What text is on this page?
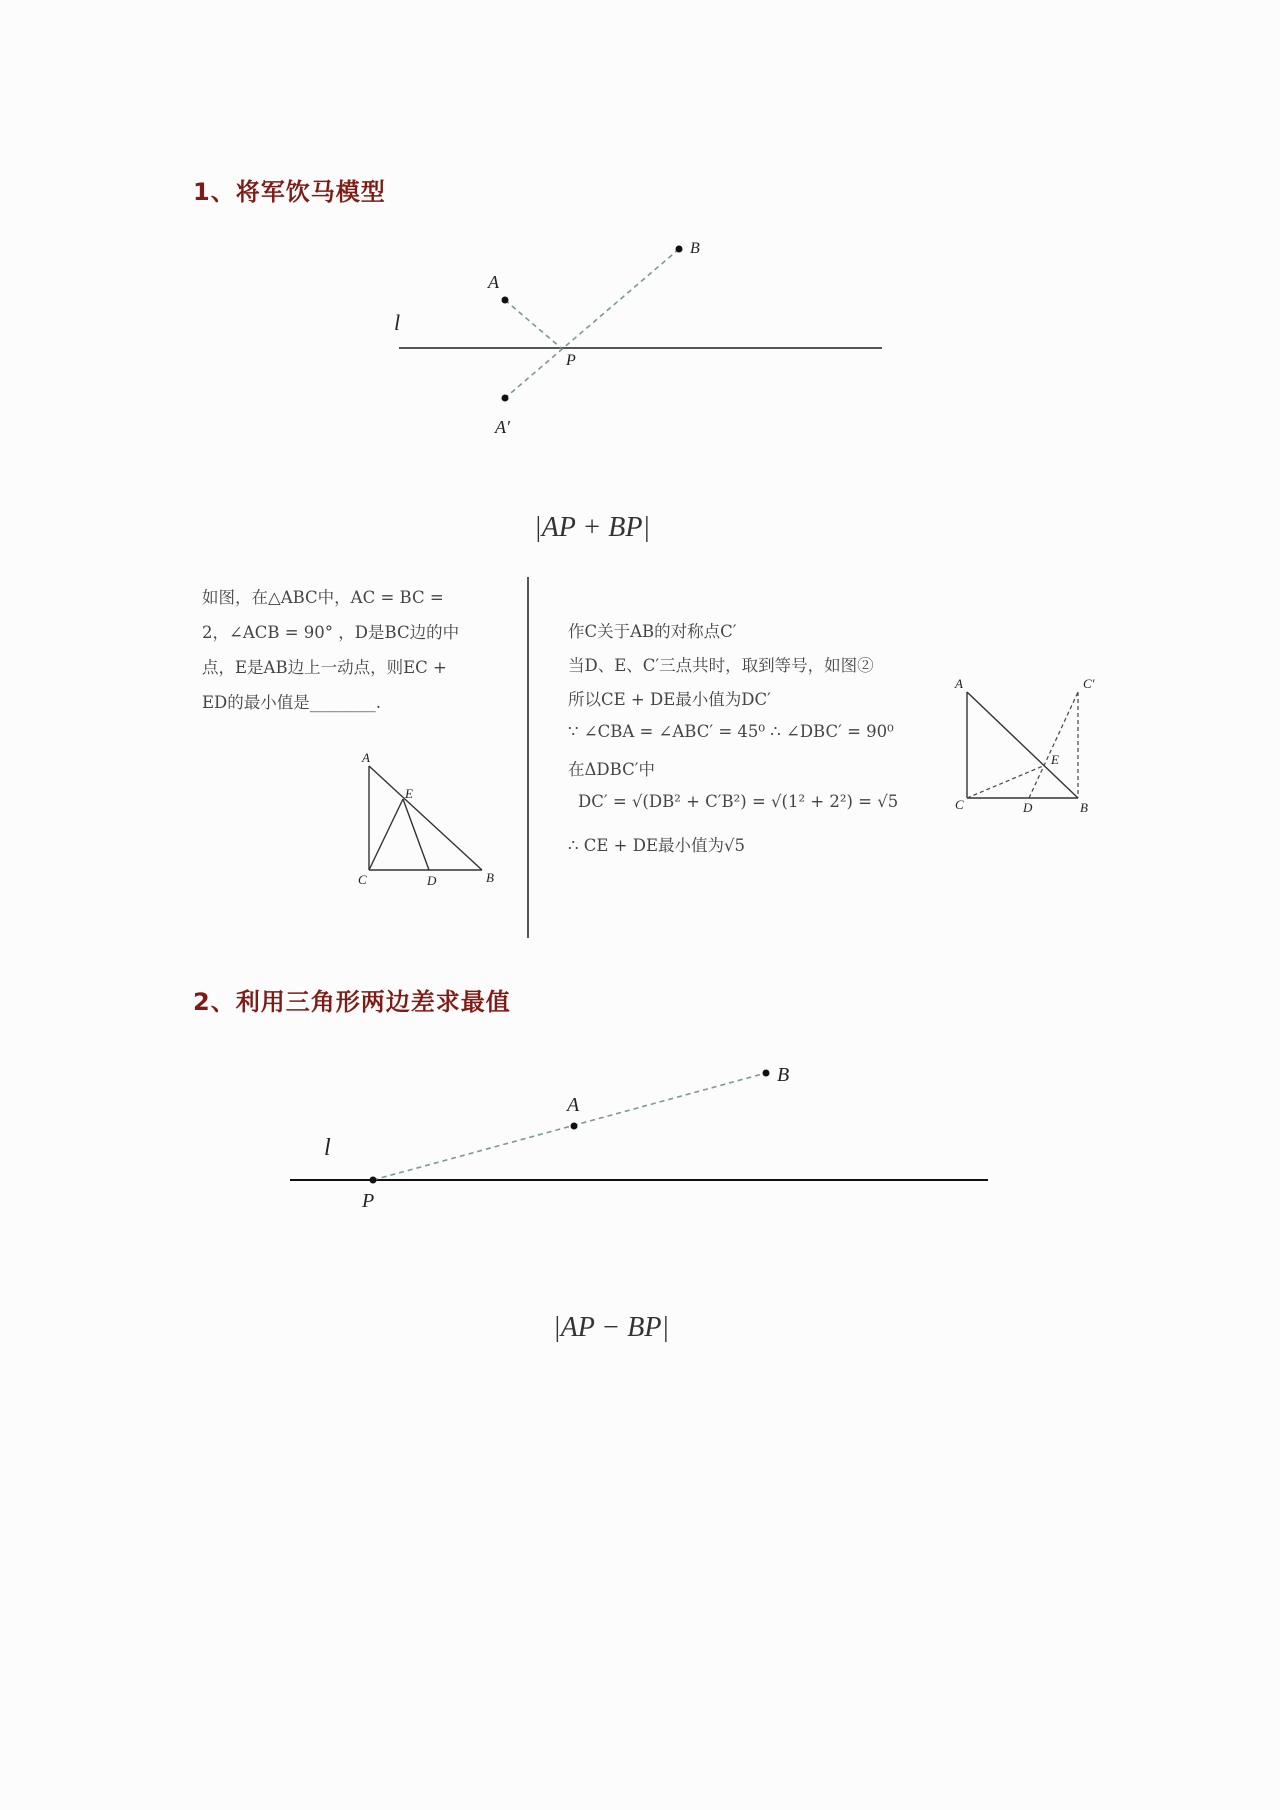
1、将军饮马模型
l
A
B
P
A′
|AP + BP|
如图，在△ABC中，AC = BC =
2，∠ACB = 90° ，D是BC边的中
点，E是AB边上一动点，则EC +
ED的最小值是________.
A
E
C	D	B
作C关于AB的对称点C′
当D、E、C′三点共时，取到等号，如图②
所以CE + DE最小值为DC′
∵ ∠CBA = ∠ABC′ = 45⁰ ∴ ∠DBC′ = 90⁰
在ΔDBC′中
DC′ = √(DB² + C′B²) = √(1² + 2²) = √5
∴ CE + DE最小值为√5
A	C′
E
C	D	B
2、利用三角形两边差求最值
l
A
B
P
|AP − BP|
